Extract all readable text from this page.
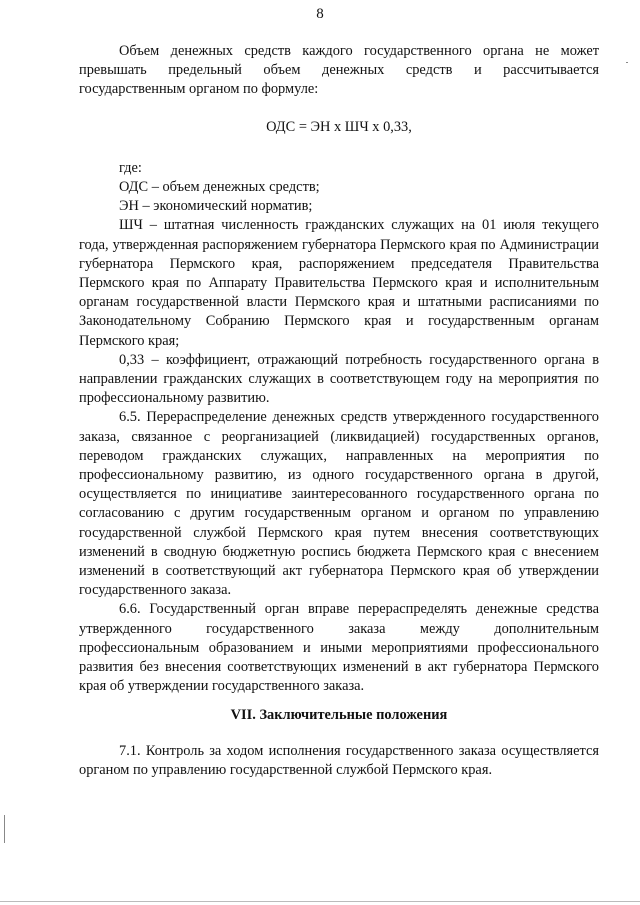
8

Объем денежных средств каждого государственного органа не может превышать предельный объем денежных средств и рассчитывается государственным органом по формуле:

ОДС = ЭН х ШЧ х 0,33,

где:

ОДС – объем денежных средств;

ЭН – экономический норматив;

ШЧ – штатная численность гражданских служащих на 01 июля текущего года, утвержденная распоряжением губернатора Пермского края по Администрации губернатора Пермского края, распоряжением председателя Правительства Пермского края по Аппарату Правительства Пермского края и исполнительным органам государственной власти Пермского края и штатными расписаниями по Законодательному Собранию Пермского края и государственным органам Пермского края;

0,33 – коэффициент, отражающий потребность государственного органа в направлении гражданских служащих в соответствующем году на мероприятия по профессиональному развитию.

6.5. Перераспределение денежных средств утвержденного государственного заказа, связанное с реорганизацией (ликвидацией) государственных органов, переводом гражданских служащих, направленных на мероприятия по профессиональному развитию, из одного государственного органа в другой, осуществляется по инициативе заинтересованного государственного органа по согласованию с другим государственным органом и органом по управлению государственной службой Пермского края путем внесения соответствующих изменений в сводную бюджетную роспись бюджета Пермского края с внесением изменений в соответствующий акт губернатора Пермского края об утверждении государственного заказа.

6.6. Государственный орган вправе перераспределять денежные средства утвержденного государственного заказа между дополнительным профессиональным образованием и иными мероприятиями профессионального развития без внесения соответствующих изменений в акт губернатора Пермского края об утверждении государственного заказа.

VII. Заключительные положения

7.1. Контроль за ходом исполнения государственного заказа осуществляется органом по управлению государственной службой Пермского края.
